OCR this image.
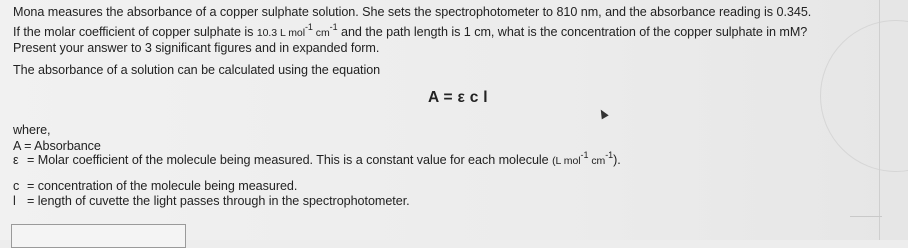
Mona measures the absorbance of a copper sulphate solution. She sets the spectrophotometer to 810 nm, and the absorbance reading is 0.345.
If the molar coefficient of copper sulphate is 10.3 L mol$^{-1}$ $cm^{-1}$ and the path length is 1 cm, what is the concentration of the copper sulphate in mM?
Present your answer to 3 significant figures and in expanded form.
The absorbance of a solution can be calculated using the equation
A = ε c l
where,
A = Absorbance
ε = Molar coefficient of the molecule being measured. This is a constant value for each molecule (L mol$^{-1}$ $cm^{-1}$).
c = concentration of the molecule being measured.
l = length of cuvette the light passes through in the spectrophotometer.
